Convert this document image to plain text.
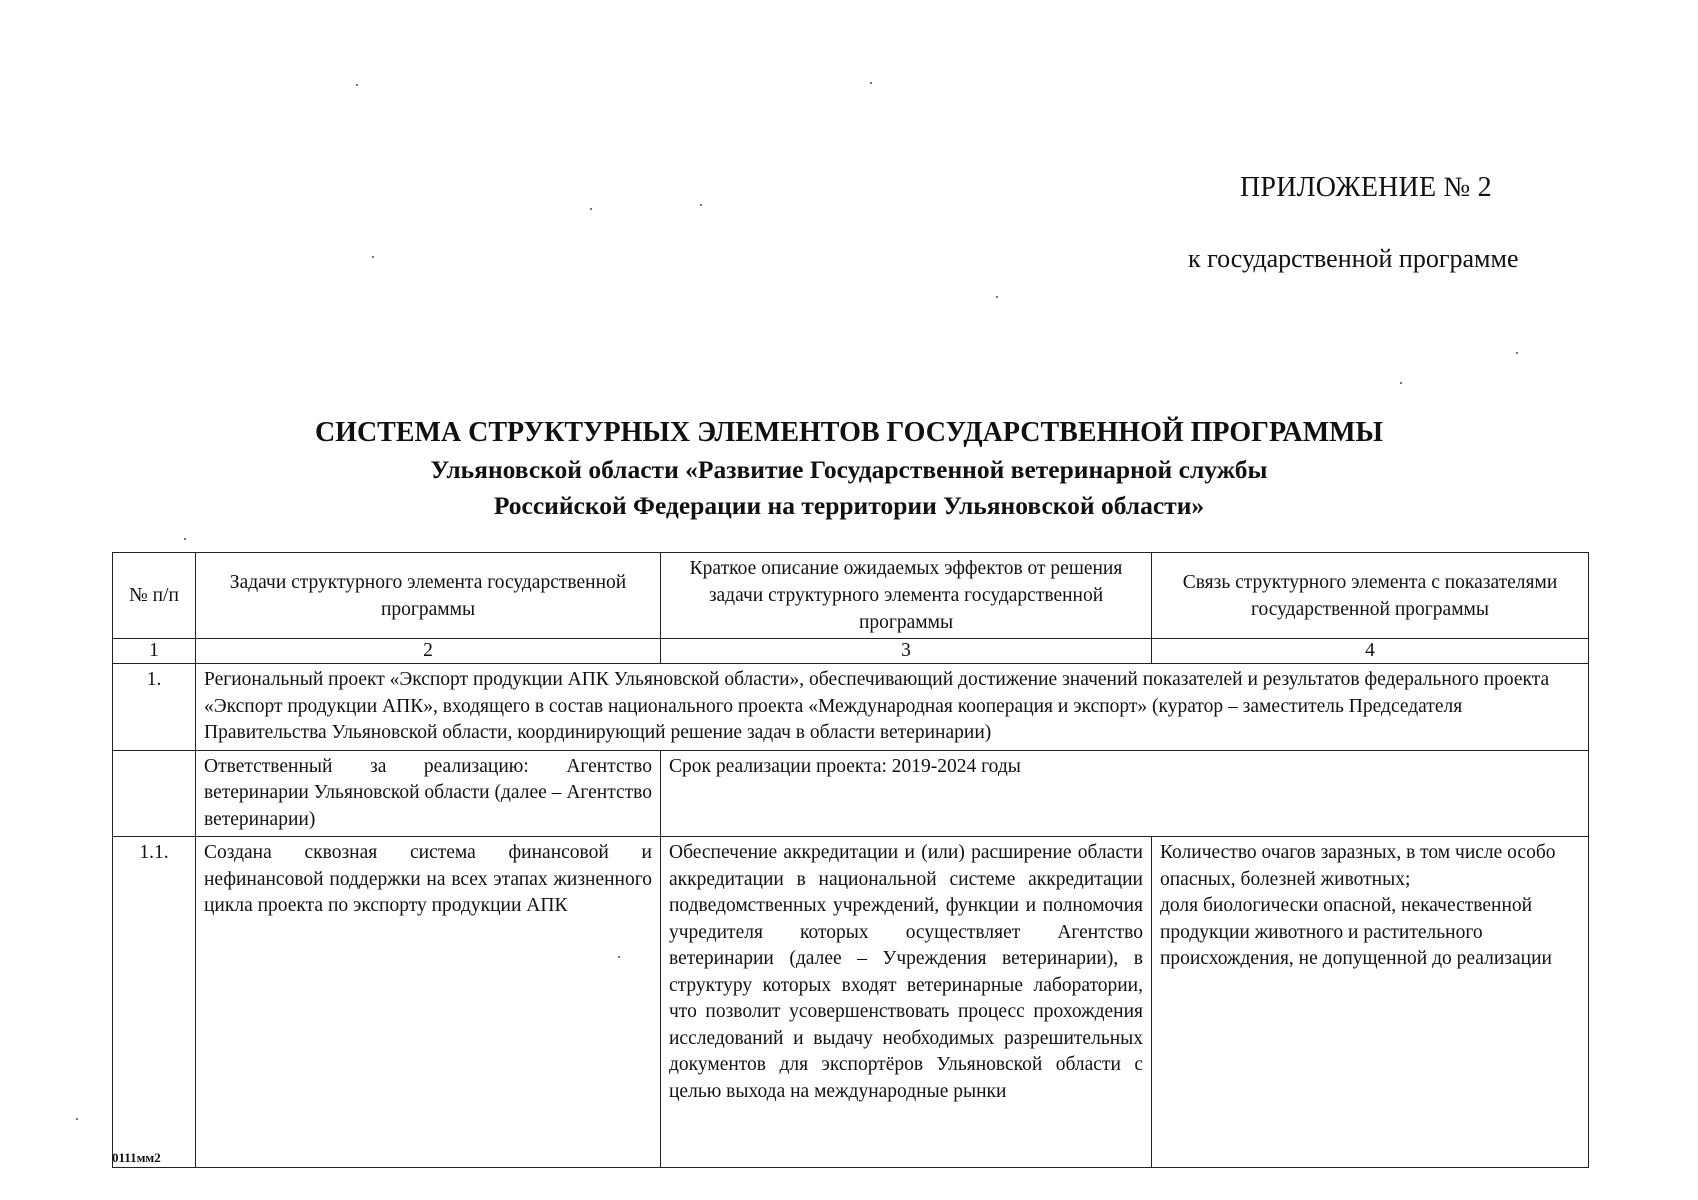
ПРИЛОЖЕНИЕ № 2
к государственной программе
СИСТЕМА СТРУКТУРНЫХ ЭЛЕМЕНТОВ ГОСУДАРСТВЕННОЙ ПРОГРАММЫ
Ульяновской области «Развитие Государственной ветеринарной службы
Российской Федерации на территории Ульяновской области»
№ п/п	Задачи структурного элемента государственной программы	Краткое описание ожидаемых эффектов от решения задачи структурного элемента государственной программы	Связь структурного элемента с показателями государственной программы
1	2	3	4
1.	Региональный проект «Экспорт продукции АПК Ульяновской области», обеспечивающий достижение значений показателей и результатов федерального проекта «Экспорт продукции АПК», входящего в состав национального проекта «Международная кооперация и экспорт» (куратор – заместитель Председателя Правительства Ульяновской области, координирующий решение задач в области ветеринарии)		
	Ответственный за реализацию: Агентство ветеринарии Ульяновской области (далее – Агентство ветеринарии)	Срок реализации проекта: 2019-2024 годы	
1.1.	Создана сквозная система финансовой и нефинансовой поддержки на всех этапах жизненного цикла проекта по экспорту продукции АПК	Обеспечение аккредитации и (или) расширение области аккредитации в национальной системе аккредитации подведомственных учреждений, функции и полномочия учредителя которых осуществляет Агентство ветеринарии (далее – Учреждения ветеринарии), в структуру которых входят ветеринарные лаборатории, что позволит усовершенствовать процесс прохождения исследований и выдачу необходимых разрешительных документов для экспортёров Ульяновской области с целью выхода на международные рынки	Количество очагов заразных, в том числе особо опасных, болезней животных;
доля биологически опасной, некачественной продукции животного и растительного происхождения, не допущенной до реализации
0111мм2
